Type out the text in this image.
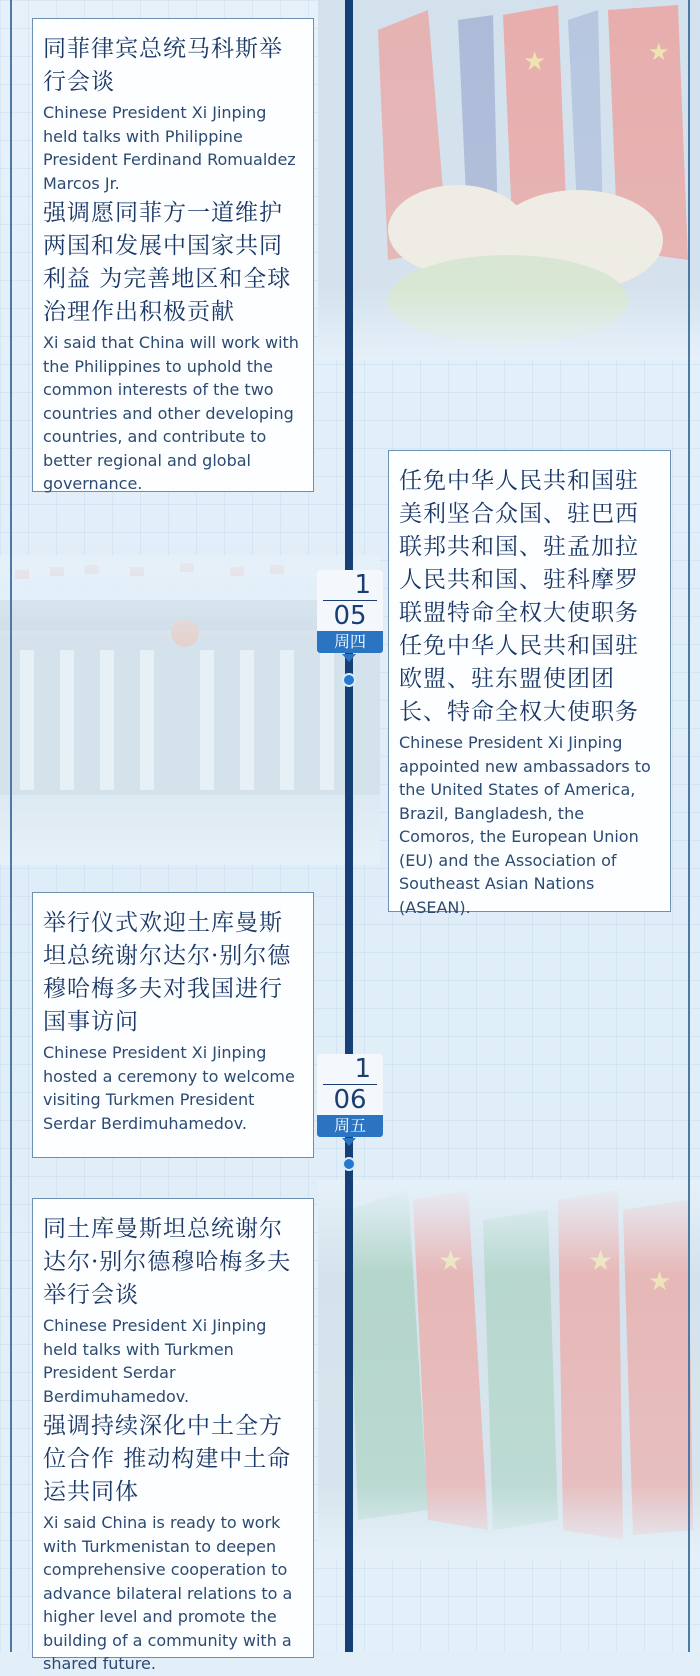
同菲律宾总统马科斯举行会谈

Chinese President Xi Jinping held talks with Philippine President Ferdinand Romualdez Marcos Jr.

强调愿同菲方一道维护两国和发展中国家共同利益 为完善地区和全球治理作出积极贡献

Xi said that China will work with the Philippines to uphold the common interests of the two countries and other developing countries, and contribute to better regional and global governance.	任免中华人民共和国驻美利坚合众国、驻巴西联邦共和国、驻孟加拉人民共和国、驻科摩罗联盟特命全权大使职务

任免中华人民共和国驻欧盟、驻东盟使团团长、特命全权大使职务

Chinese President Xi Jinping appointed new ambassadors to the United States of America, Brazil, Bangladesh, the Comoros, the European Union (EU) and the Association of Southeast Asian Nations (ASEAN).

1
05
周四

举行仪式欢迎土库曼斯坦总统谢尔达尔·别尔德穆哈梅多夫对我国进行国事访问

Chinese President Xi Jinping hosted a ceremony to welcome visiting Turkmen President Serdar Berdimuhamedov.

1
06
周五

同土库曼斯坦总统谢尔达尔·别尔德穆哈梅多夫举行会谈

Chinese President Xi Jinping held talks with Turkmen President Serdar Berdimuhamedov.

强调持续深化中土全方位合作 推动构建中土命运共同体

Xi said China is ready to work with Turkmenistan to deepen comprehensive cooperation to advance bilateral relations to a higher level and promote the building of a community with a shared future.
